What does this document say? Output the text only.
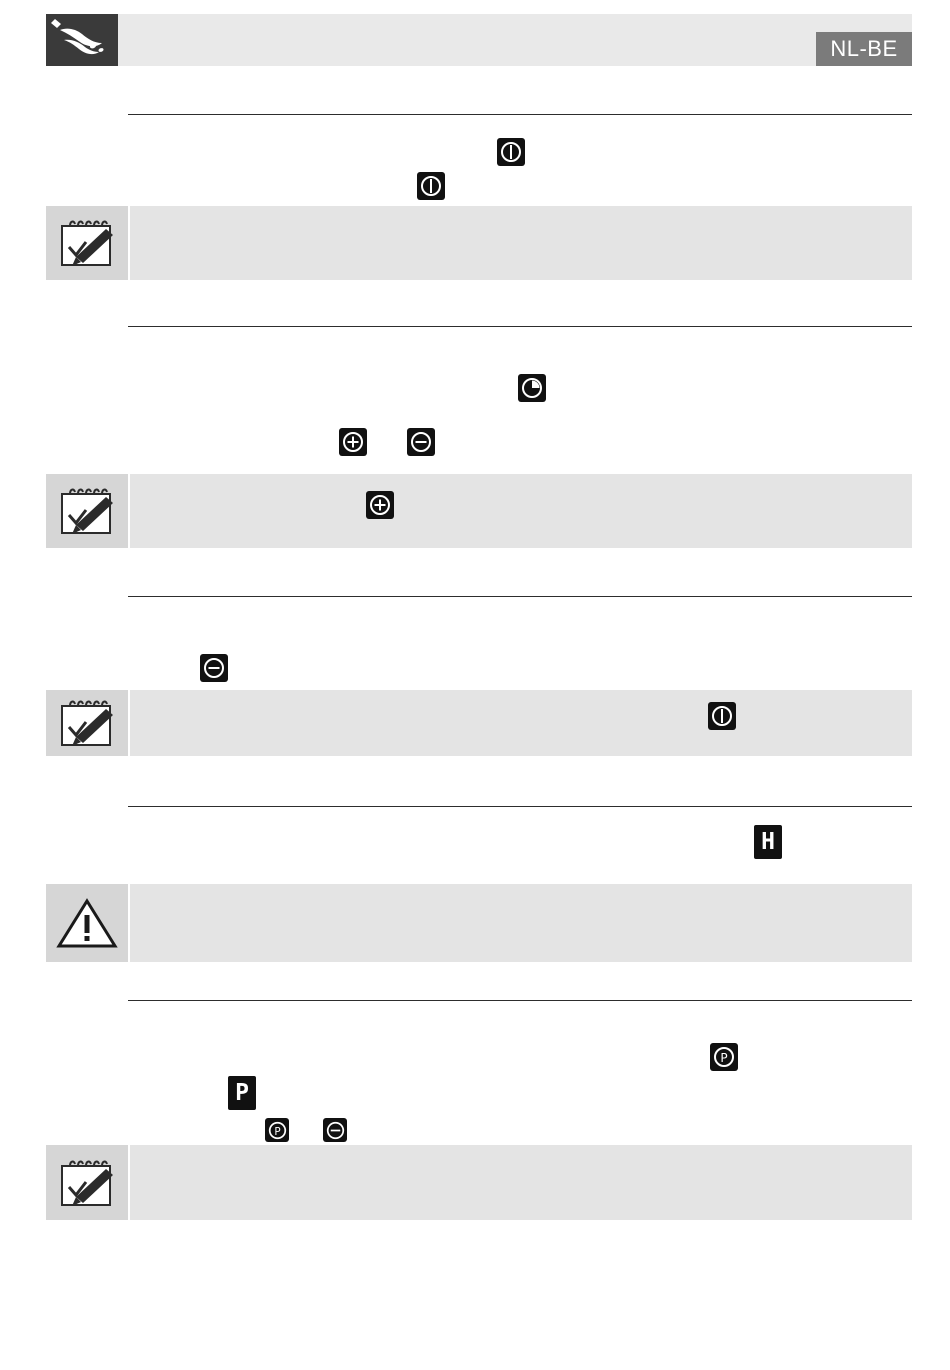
NL-BE
H
P
P
P
